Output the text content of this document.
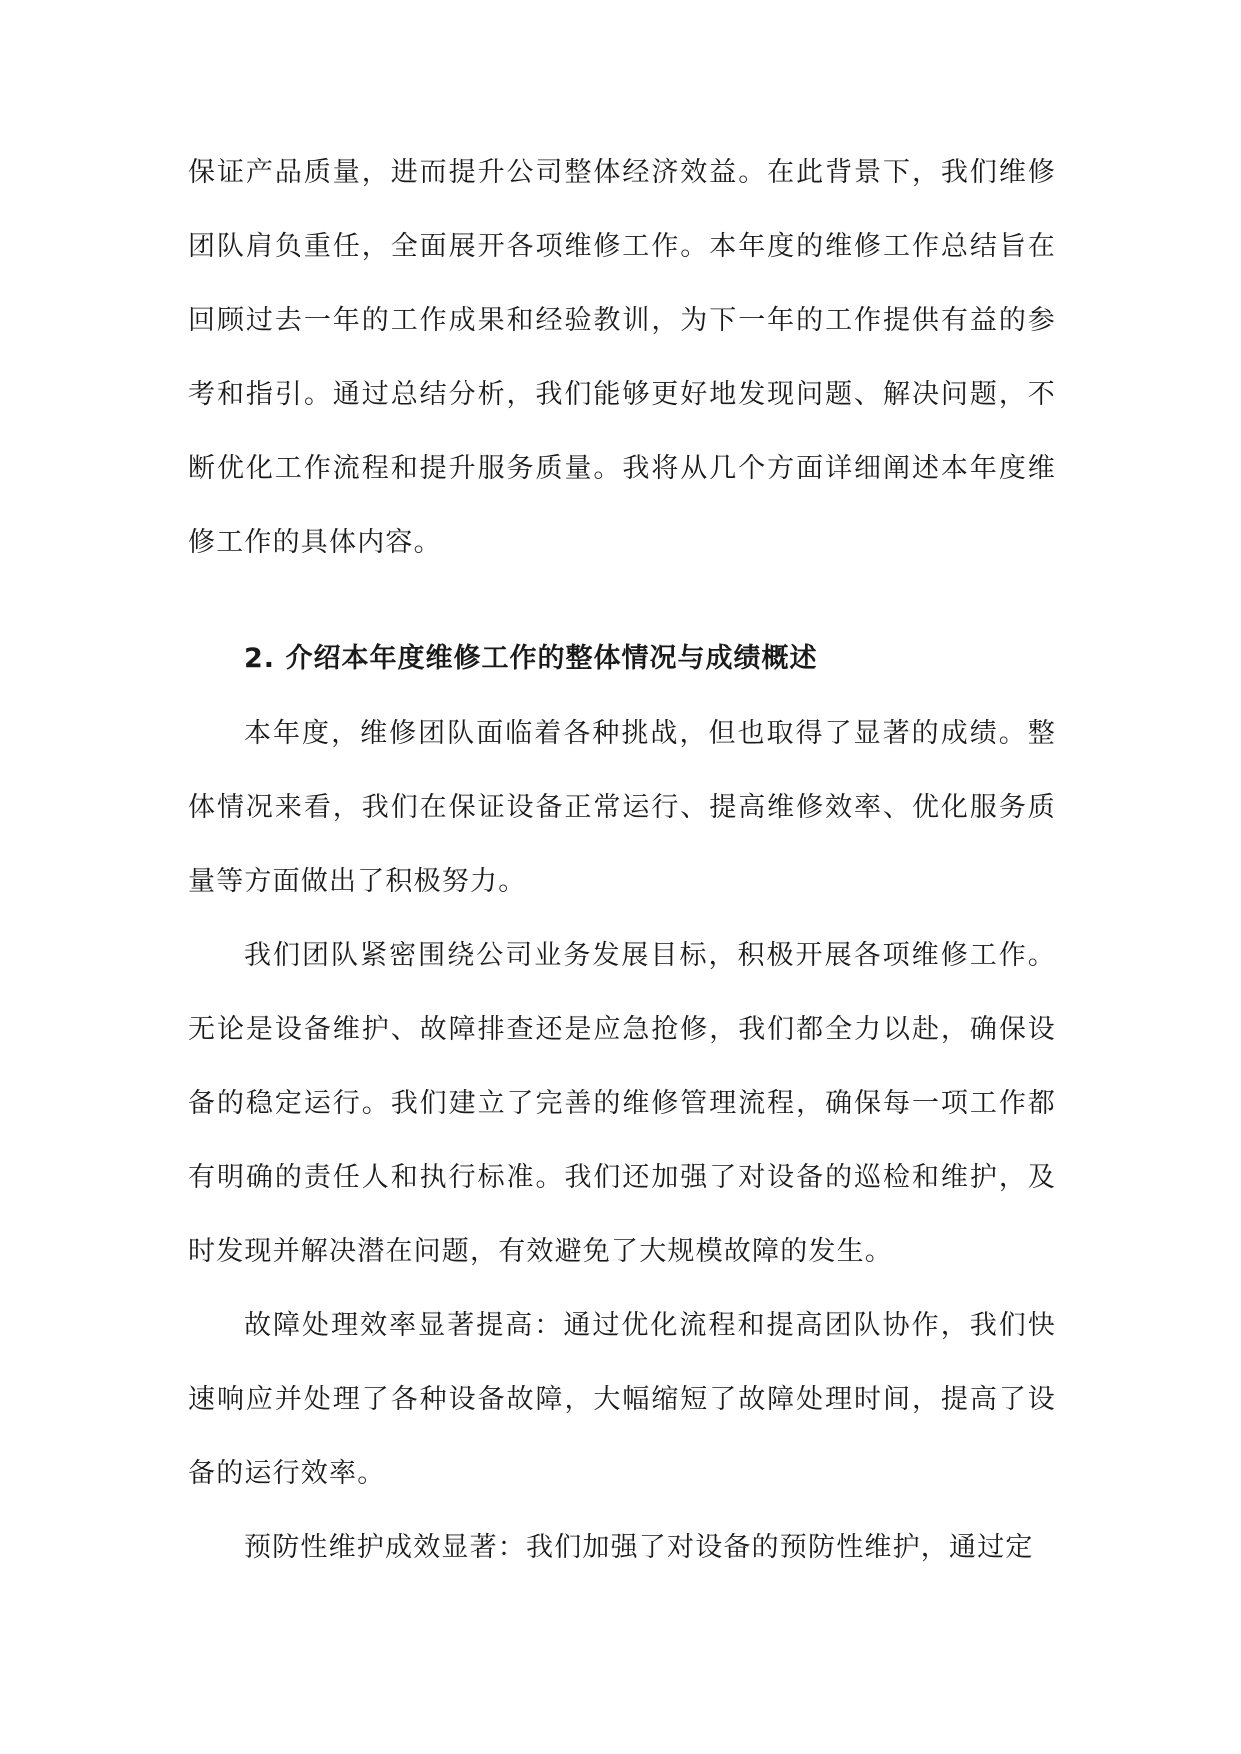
保证产品质量，进而提升公司整体经济效益。在此背景下，我们维修团队肩负重任，全面展开各项维修工作。本年度的维修工作总结旨在回顾过去一年的工作成果和经验教训，为下一年的工作提供有益的参考和指引。通过总结分析，我们能够更好地发现问题、解决问题，不断优化工作流程和提升服务质量。我将从几个方面详细阐述本年度维修工作的具体内容。

2. 介绍本年度维修工作的整体情况与成绩概述

本年度，维修团队面临着各种挑战，但也取得了显著的成绩。整体情况来看，我们在保证设备正常运行、提高维修效率、优化服务质量等方面做出了积极努力。

我们团队紧密围绕公司业务发展目标，积极开展各项维修工作。无论是设备维护、故障排查还是应急抢修，我们都全力以赴，确保设备的稳定运行。我们建立了完善的维修管理流程，确保每一项工作都有明确的责任人和执行标准。我们还加强了对设备的巡检和维护，及时发现并解决潜在问题，有效避免了大规模故障的发生。

故障处理效率显著提高：通过优化流程和提高团队协作，我们快速响应并处理了各种设备故障，大幅缩短了故障处理时间，提高了设备的运行效率。

预防性维护成效显著：我们加强了对设备的预防性维护，通过定
